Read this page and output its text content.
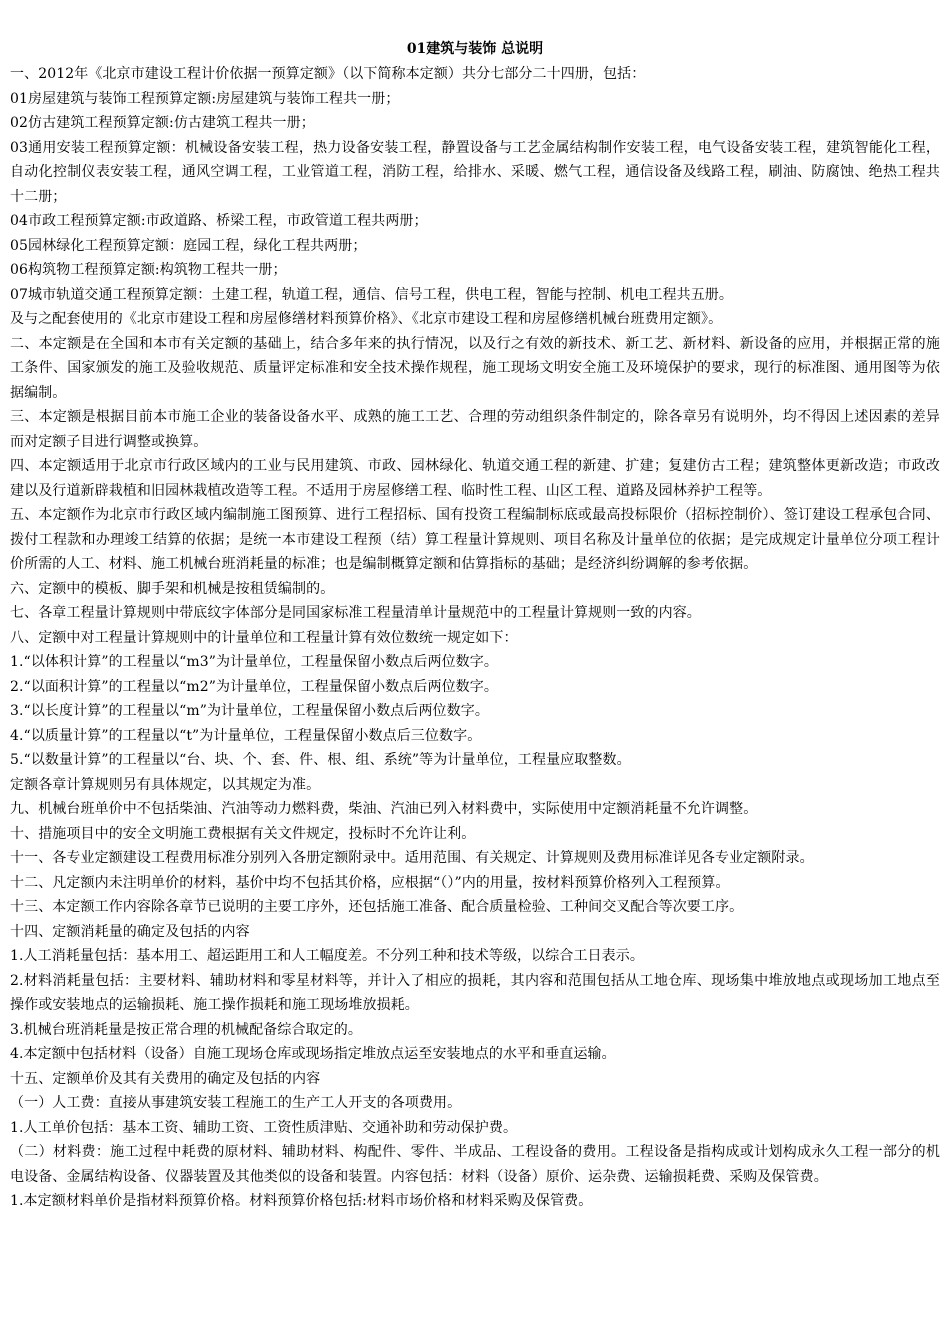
01建筑与装饰 总说明

一、2012年《北京市建设工程计价依据一预算定额》（以下简称本定额）共分七部分二十四册，包括：

01房屋建筑与装饰工程预算定额:房屋建筑与装饰工程共一册；

02仿古建筑工程预算定额:仿古建筑工程共一册；

03通用安装工程预算定额：机械设备安装工程，热力设备安装工程，静置设备与工艺金属结构制作安装工程，电气设备安装工程，建筑智能化工程，自动化控制仪表安装工程，通风空调工程，工业管道工程，消防工程，给排水、采暖、燃气工程，通信设备及线路工程，刷油、防腐蚀、绝热工程共十二册；

04市政工程预算定额:市政道路、桥梁工程，市政管道工程共两册；

05园林绿化工程预算定额：庭园工程，绿化工程共两册；

06构筑物工程预算定额:构筑物工程共一册；

07城市轨道交通工程预算定额：土建工程，轨道工程，通信、信号工程，供电工程，智能与控制、机电工程共五册。

及与之配套使用的《北京市建设工程和房屋修缮材料预算价格》、《北京市建设工程和房屋修缮机械台班费用定额》。

二、本定额是在全国和本市有关定额的基础上，结合多年来的执行情况，以及行之有效的新技术、新工艺、新材料、新设备的应用，并根据正常的施工条件、国家颁发的施工及验收规范、质量评定标准和安全技术操作规程，施工现场文明安全施工及环境保护的要求，现行的标准图、通用图等为依据编制。

三、本定额是根据目前本市施工企业的装备设备水平、成熟的施工工艺、合理的劳动组织条件制定的，除各章另有说明外，均不得因上述因素的差异而对定额子目进行调整或换算。

四、本定额适用于北京市行政区域内的工业与民用建筑、市政、园林绿化、轨道交通工程的新建、扩建；复建仿古工程；建筑整体更新改造；市政改建以及行道新辟栽植和旧园林栽植改造等工程。不适用于房屋修缮工程、临时性工程、山区工程、道路及园林养护工程等。

五、本定额作为北京市行政区域内编制施工图预算、进行工程招标、国有投资工程编制标底或最高投标限价（招标控制价）、签订建设工程承包合同、拨付工程款和办理竣工结算的依据；是统一本市建设工程预（结）算工程量计算规则、项目名称及计量单位的依据；是完成规定计量单位分项工程计价所需的人工、材料、施工机械台班消耗量的标准；也是编制概算定额和估算指标的基础；是经济纠纷调解的参考依据。

六、定额中的模板、脚手架和机械是按租赁编制的。

七、各章工程量计算规则中带底纹字体部分是同国家标准工程量清单计量规范中的工程量计算规则一致的内容。

八、定额中对工程量计算规则中的计量单位和工程量计算有效位数统一规定如下：

1.“以体积计算”的工程量以“m3”为计量单位，工程量保留小数点后两位数字。

2.“以面积计算”的工程量以“m2”为计量单位，工程量保留小数点后两位数字。

3.“以长度计算”的工程量以“m”为计量单位，工程量保留小数点后两位数字。

4.“以质量计算”的工程量以“t”为计量单位，工程量保留小数点后三位数字。

5.“以数量计算”的工程量以“台、块、个、套、件、根、组、系统”等为计量单位，工程量应取整数。

定额各章计算规则另有具体规定，以其规定为准。

九、机械台班单价中不包括柴油、汽油等动力燃料费，柴油、汽油已列入材料费中，实际使用中定额消耗量不允许调整。

十、措施项目中的安全文明施工费根据有关文件规定，投标时不允许让利。

十一、各专业定额建设工程费用标准分别列入各册定额附录中。适用范围、有关规定、计算规则及费用标准详见各专业定额附录。

十二、凡定额内未注明单价的材料，基价中均不包括其价格，应根据“（）”内的用量，按材料预算价格列入工程预算。

十三、本定额工作内容除各章节已说明的主要工序外，还包括施工准备、配合质量检验、工种间交叉配合等次要工序。

十四、定额消耗量的确定及包括的内容

1.人工消耗量包括：基本用工、超运距用工和人工幅度差。不分列工种和技术等级，以综合工日表示。

2.材料消耗量包括：主要材料、辅助材料和零星材料等，并计入了相应的损耗，其内容和范围包括从工地仓库、现场集中堆放地点或现场加工地点至操作或安装地点的运输损耗、施工操作损耗和施工现场堆放损耗。

3.机械台班消耗量是按正常合理的机械配备综合取定的。

4.本定额中包括材料（设备）自施工现场仓库或现场指定堆放点运至安装地点的水平和垂直运输。

十五、定额单价及其有关费用的确定及包括的内容

（一）人工费：直接从事建筑安装工程施工的生产工人开支的各项费用。

1.人工单价包括：基本工资、辅助工资、工资性质津贴、交通补助和劳动保护费。

（二）材料费：施工过程中耗费的原材料、辅助材料、构配件、零件、半成品、工程设备的费用。工程设备是指构成或计划构成永久工程一部分的机电设备、金属结构设备、仪器装置及其他类似的设备和装置。内容包括：材料（设备）原价、运杂费、运输损耗费、采购及保管费。

1.本定额材料单价是指材料预算价格。材料预算价格包括:材料市场价格和材料采购及保管费。
